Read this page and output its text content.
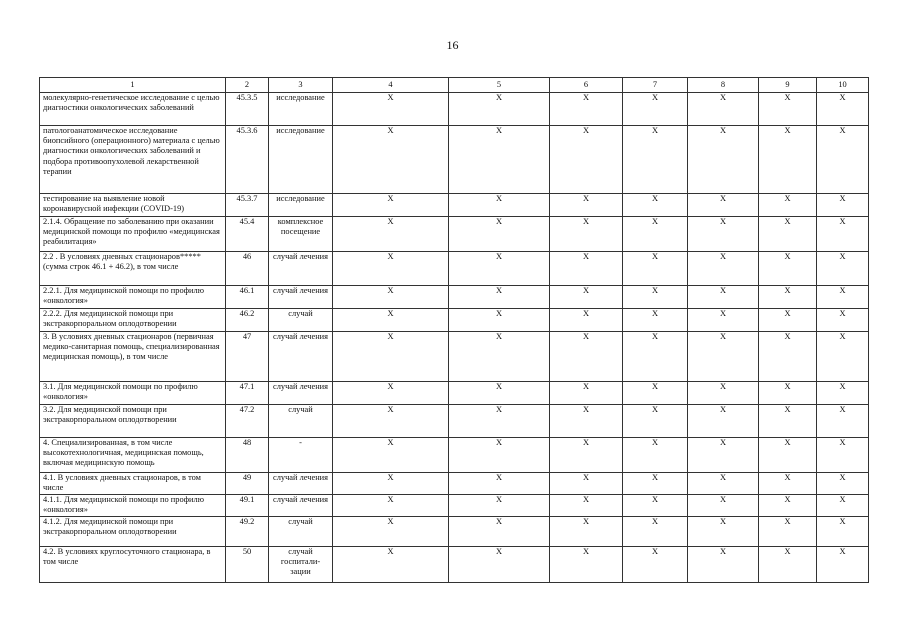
16
1	2	3	4	5	6	7	8	9	10
молекулярно-генетическое исследование с целью диагностики онкологических заболеваний	45.3.5	исследование	Х	Х	Х	Х	Х	Х	Х
патологоанатомическое исследование биопсийного (операционного) материала с целью диагностики онкологических заболеваний и подбора противоопухолевой лекарственной терапии	45.3.6	исследование	Х	Х	Х	Х	Х	Х	Х
тестирование на выявление новой коронавирусной инфекции (COVID-19)	45.3.7	исследование	Х	Х	Х	Х	Х	Х	Х
2.1.4. Обращение по заболеванию при оказании медицинской помощи по профилю «медицинская реабилитация»	45.4	комплексное посещение	Х	Х	Х	Х	Х	Х	Х
2.2 . В условиях дневных стационаров***** (сумма строк 46.1 + 46.2), в том числе	46	случай лечения	Х	Х	Х	Х	Х	Х	Х
2.2.1. Для медицинской помощи по профилю «онкология»	46.1	случай лечения	Х	Х	Х	Х	Х	Х	Х
2.2.2. Для медицинской помощи при экстракорпоральном оплодотворении	46.2	случай	Х	Х	Х	Х	Х	Х	Х
3. В условиях дневных стационаров (первичная медико-санитарная помощь, специализированная медицинская помощь), в том числе	47	случай лечения	Х	Х	Х	Х	Х	Х	Х
3.1. Для медицинской помощи по профилю «онкология»	47.1	случай лечения	Х	Х	Х	Х	Х	Х	Х
3.2. Для медицинской помощи при экстракорпоральном оплодотворении	47.2	случай	Х	Х	Х	Х	Х	Х	Х
4. Специализированная, в том числе высокотехнологичная, медицинская помощь, включая медицинскую помощь	48	-	Х	Х	Х	Х	Х	Х	Х
4.1. В условиях дневных стационаров, в том числе	49	случай лечения	Х	Х	Х	Х	Х	Х	Х
4.1.1. Для медицинской помощи по профилю «онкология»	49.1	случай лечения	Х	Х	Х	Х	Х	Х	Х
4.1.2. Для медицинской помощи при экстракорпоральном оплодотворении	49.2	случай	Х	Х	Х	Х	Х	Х	Х
4.2. В условиях круглосуточного стационара, в том числе	50	случай госпитали-зации	Х	Х	Х	Х	Х	Х	Х
